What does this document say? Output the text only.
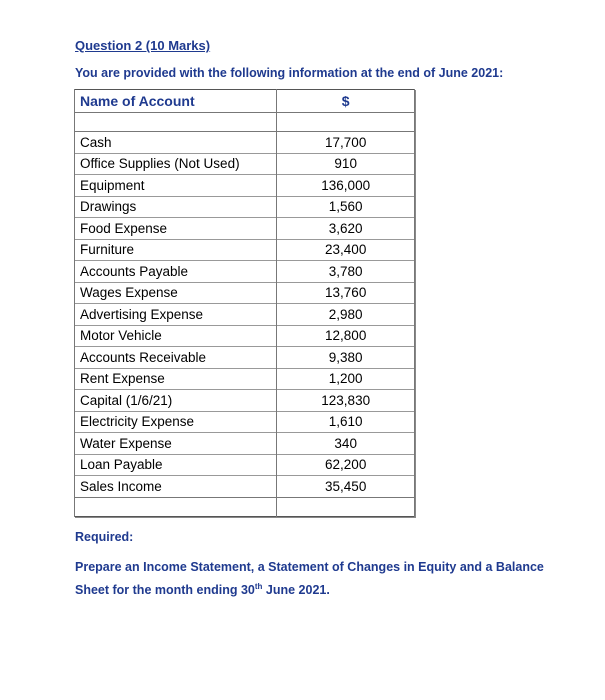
Question 2 (10 Marks)
You are provided with the following information at the end of June 2021:
Name of Account	$

Cash	17,700
Office Supplies (Not Used)	910
Equipment	136,000
Drawings	1,560
Food Expense	3,620
Furniture	23,400
Accounts Payable	3,780
Wages Expense	13,760
Advertising Expense	2,980
Motor Vehicle	12,800
Accounts Receivable	9,380
Rent Expense	1,200
Capital (1/6/21)	123,830
Electricity Expense	1,610
Water Expense	340
Loan Payable	62,200
Sales Income	35,450

Required:
Prepare an Income Statement, a Statement of Changes in Equity and a Balance Sheet for the month ending 30th June 2021.
